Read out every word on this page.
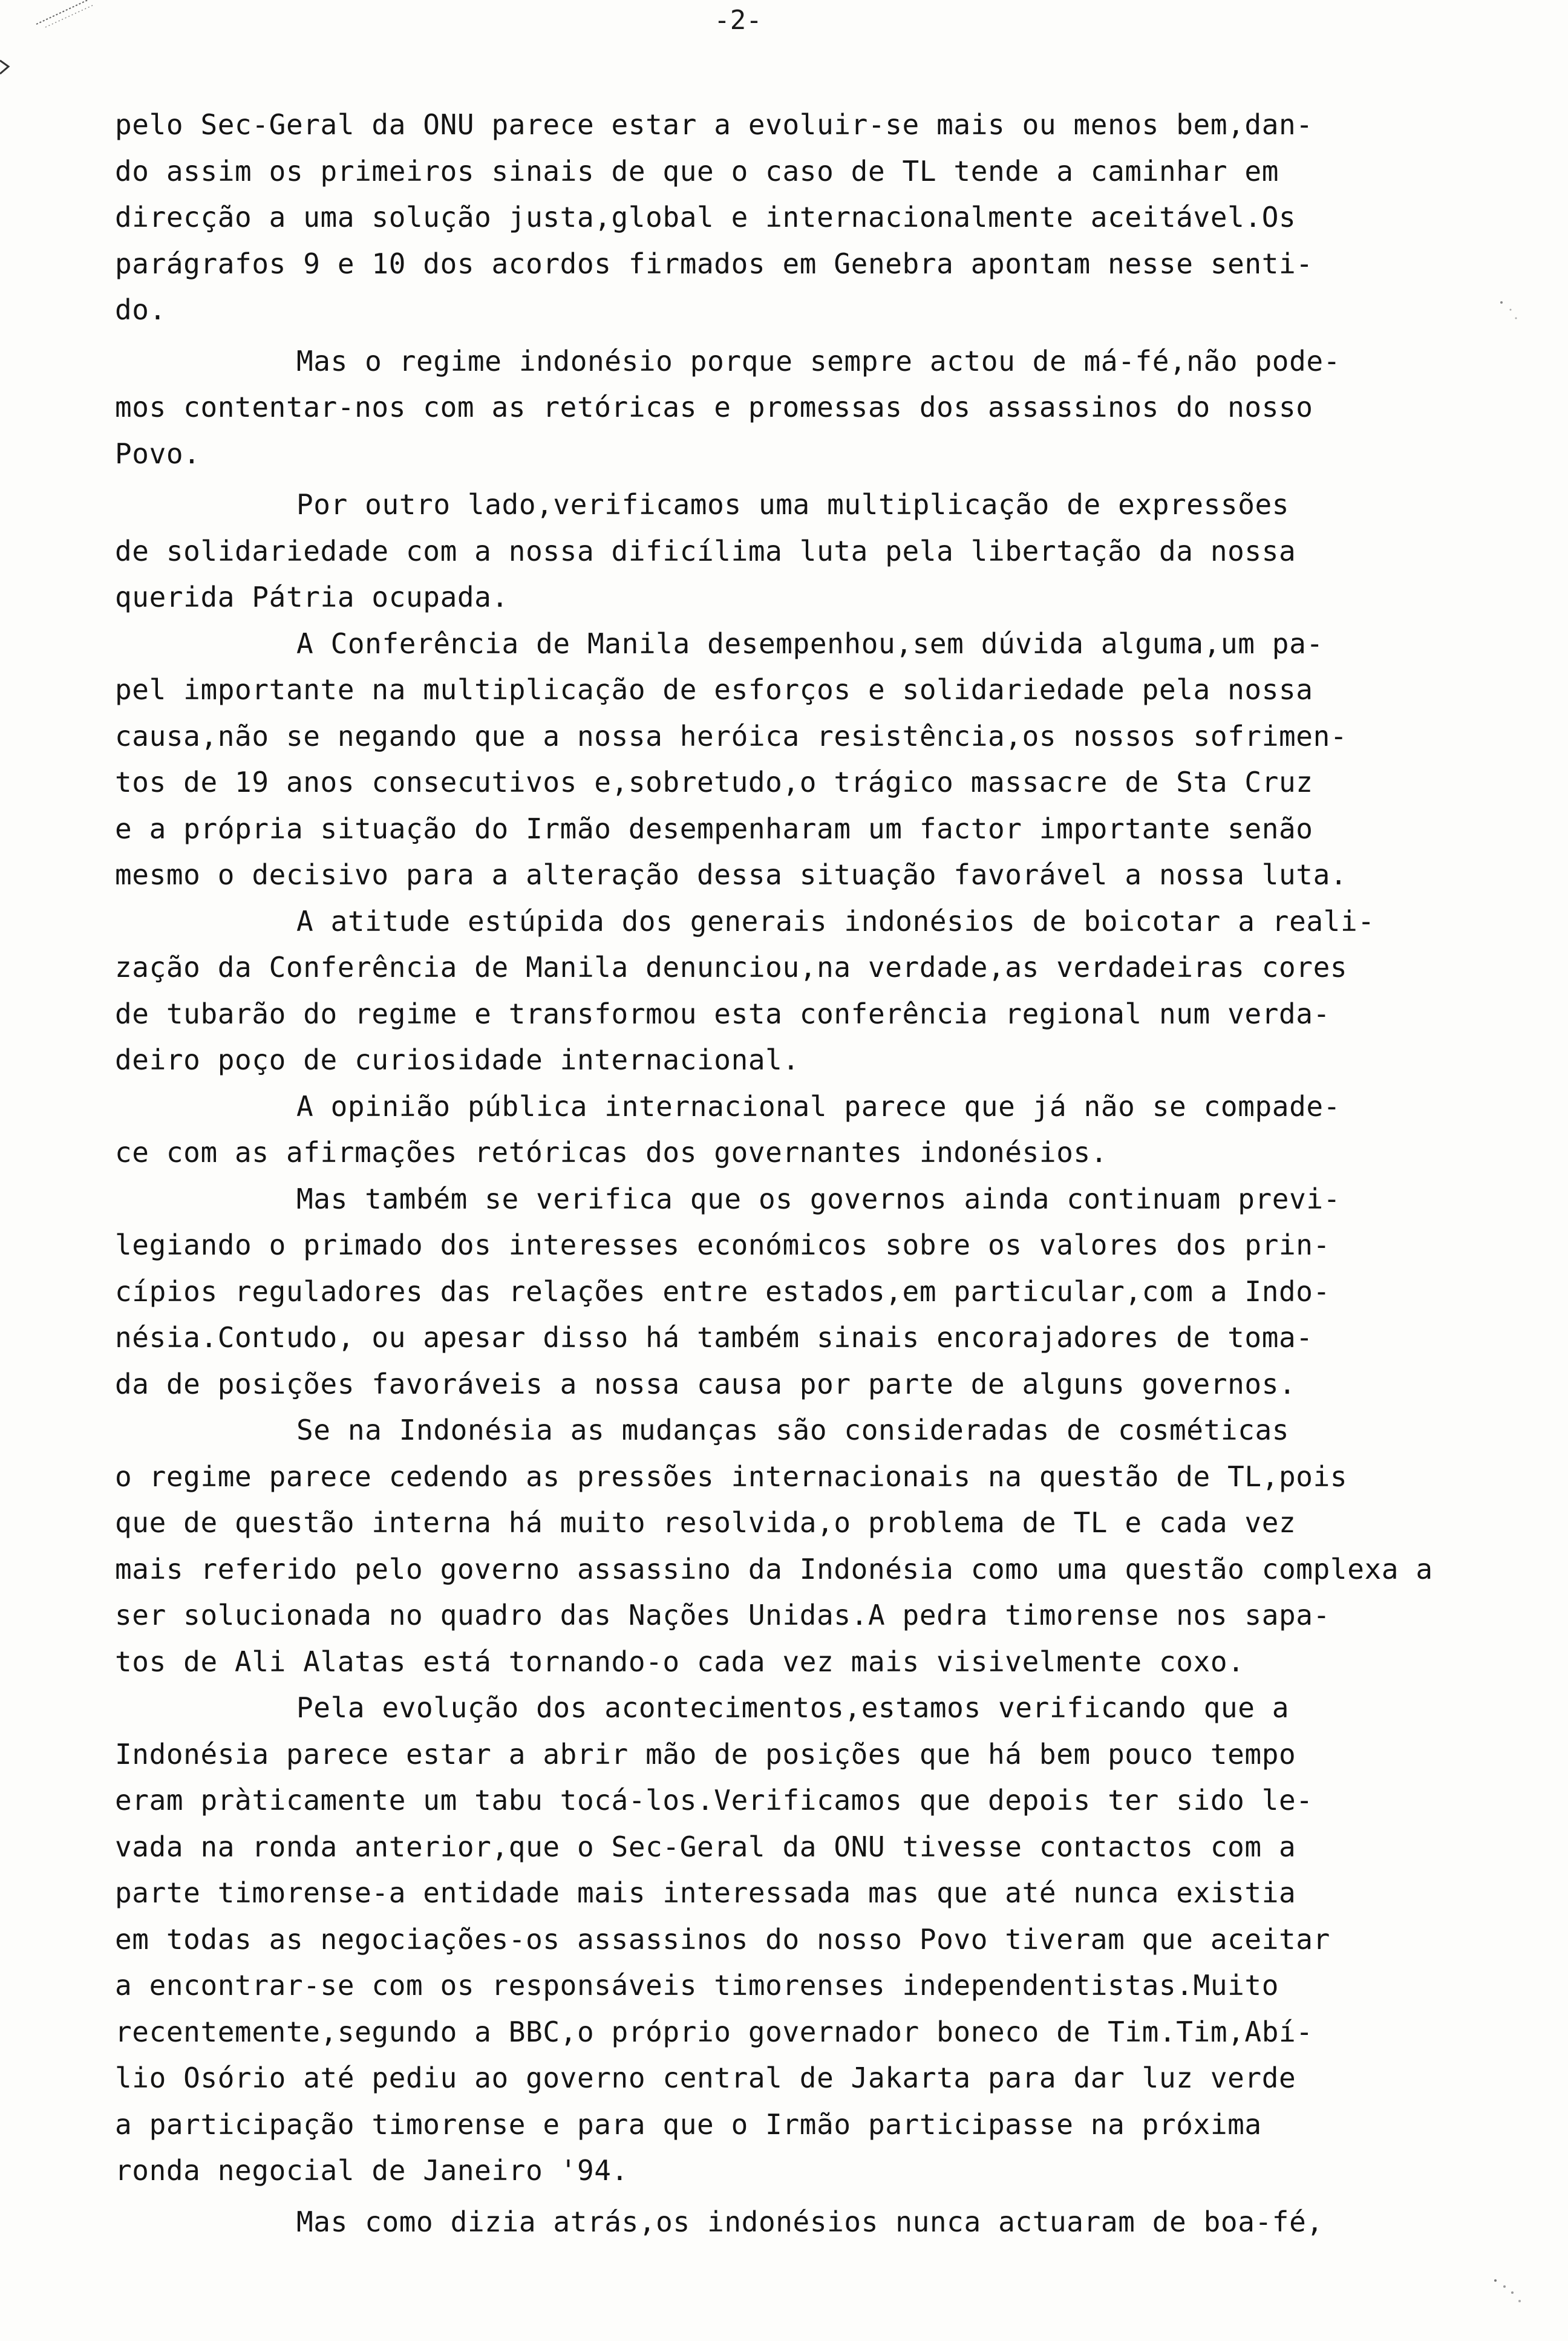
-2-
pelo Sec-Geral da ONU parece estar a evoluir-se mais ou menos bem,dan-
do assim os primeiros sinais de que o caso de TL tende a caminhar em
direcção a uma solução justa,global e internacionalmente aceitável.Os
parágrafos 9 e 10 dos acordos firmados em Genebra apontam nesse senti-
do.
Mas o regime indonésio porque sempre actou de má-fé,não pode-
mos contentar-nos com as retóricas e promessas dos assassinos do nosso
Povo.
Por outro lado,verificamos uma multiplicação de expressões
de solidariedade com a nossa dificílima luta pela libertação da nossa
querida Pátria ocupada.
A Conferência de Manila desempenhou,sem dúvida alguma,um pa-
pel importante na multiplicação de esforços e solidariedade pela nossa
causa,não se negando que a nossa heróica resistência,os nossos sofrimen-
tos de 19 anos consecutivos e,sobretudo,o trágico massacre de Sta Cruz
e a própria situação do Irmão desempenharam um factor importante senão
mesmo o decisivo para a alteração dessa situação favorável a nossa luta.
A atitude estúpida dos generais indonésios de boicotar a reali-
zação da Conferência de Manila denunciou,na verdade,as verdadeiras cores
de tubarão do regime e transformou esta conferência regional num verda-
deiro poço de curiosidade internacional.
A opinião pública internacional parece que já não se compade-
ce com as afirmações retóricas dos governantes indonésios.
Mas também se verifica que os governos ainda continuam previ-
legiando o primado dos interesses económicos sobre os valores dos prin-
cípios reguladores das relações entre estados,em particular,com a Indo-
nésia.Contudo, ou apesar disso há também sinais encorajadores de toma-
da de posições favoráveis a nossa causa por parte de alguns governos.
Se na Indonésia as mudanças são consideradas de cosméticas
o regime parece cedendo as pressões internacionais na questão de TL,pois
que de questão interna há muito resolvida,o problema de TL e cada vez
mais referido pelo governo assassino da Indonésia como uma questão complexa a
ser solucionada no quadro das Nações Unidas.A pedra timorense nos sapa-
tos de Ali Alatas está tornando-o cada vez mais visivelmente coxo.
Pela evolução dos acontecimentos,estamos verificando que a
Indonésia parece estar a abrir mão de posições que há bem pouco tempo
eram pràticamente um tabu tocá-los.Verificamos que depois ter sido le-
vada na ronda anterior,que o Sec-Geral da ONU tivesse contactos com a
parte timorense-a entidade mais interessada mas que até nunca existia
em todas as negociações-os assassinos do nosso Povo tiveram que aceitar
a encontrar-se com os responsáveis timorenses independentistas.Muito
recentemente,segundo a BBC,o próprio governador boneco de Tim.Tim,Abí-
lio Osório até pediu ao governo central de Jakarta para dar luz verde
a participação timorense e para que o Irmão participasse na próxima
ronda negocial de Janeiro '94.
Mas como dizia atrás,os indonésios nunca actuaram de boa-fé,
